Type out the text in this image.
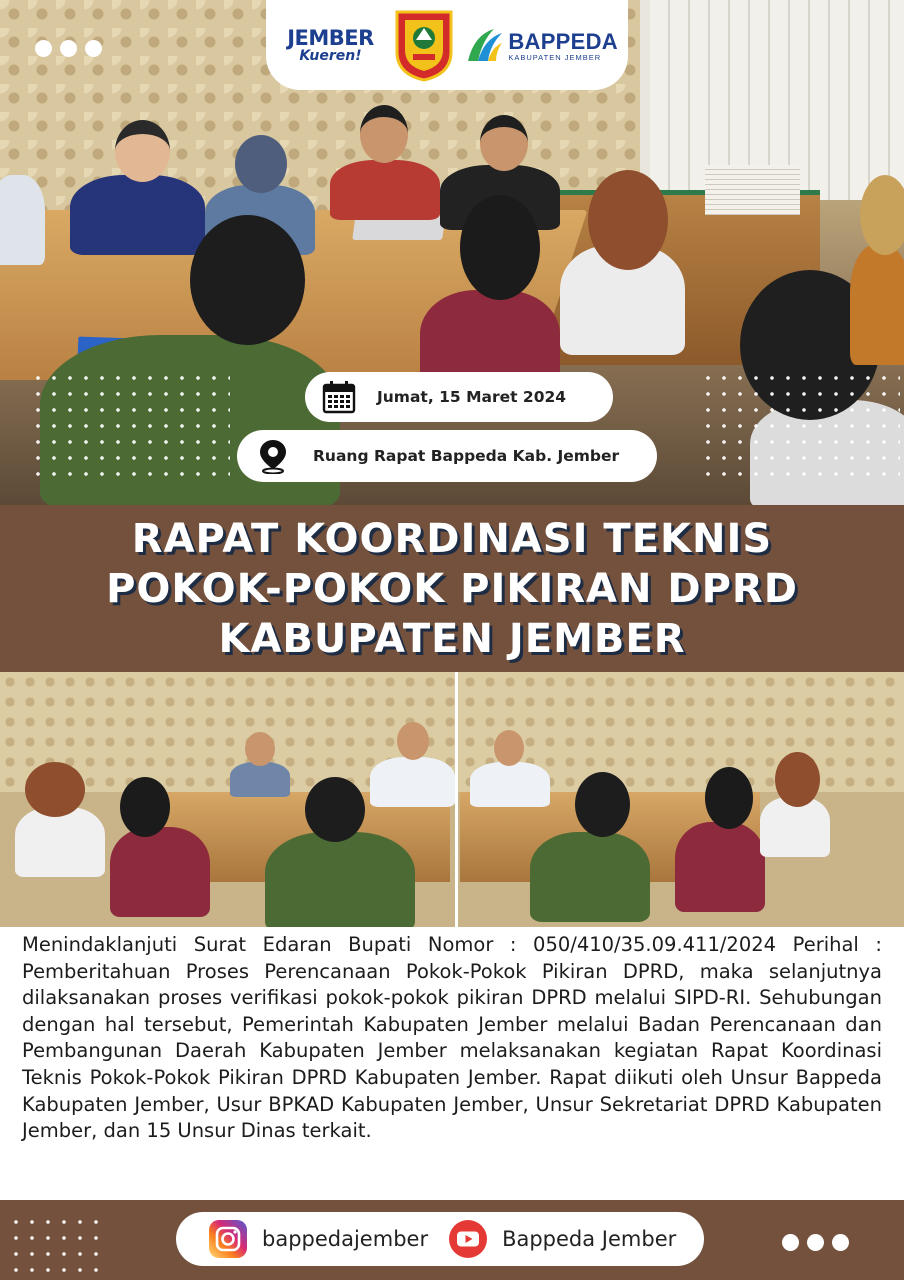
JEMBER
Kueren!
BAPPEDA
KABUPATEN JEMBER
Jumat, 15 Maret 2024
Ruang Rapat Bappeda Kab. Jember
RAPAT KOORDINASI TEKNIS
POKOK-POKOK PIKIRAN DPRD
KABUPATEN JEMBER

Menindaklanjuti Surat Edaran Bupati Nomor : 050/410/35.09.411/2024 Perihal : Pemberitahuan Proses Perencanaan Pokok-Pokok Pikiran DPRD, maka selanjutnya dilaksanakan proses verifikasi pokok-pokok pikiran DPRD melalui SIPD-RI. Sehubungan dengan hal tersebut, Pemerintah Kabupaten Jember melalui Badan Perencanaan dan Pembangunan Daerah Kabupaten Jember melaksanakan kegiatan Rapat Koordinasi Teknis Pokok-Pokok Pikiran DPRD Kabupaten Jember. Rapat diikuti oleh Unsur Bappeda Kabupaten Jember, Usur BPKAD Kabupaten Jember, Unsur Sekretariat DPRD Kabupaten Jember, dan 15 Unsur Dinas terkait.

bappedajember	Bappeda Jember
